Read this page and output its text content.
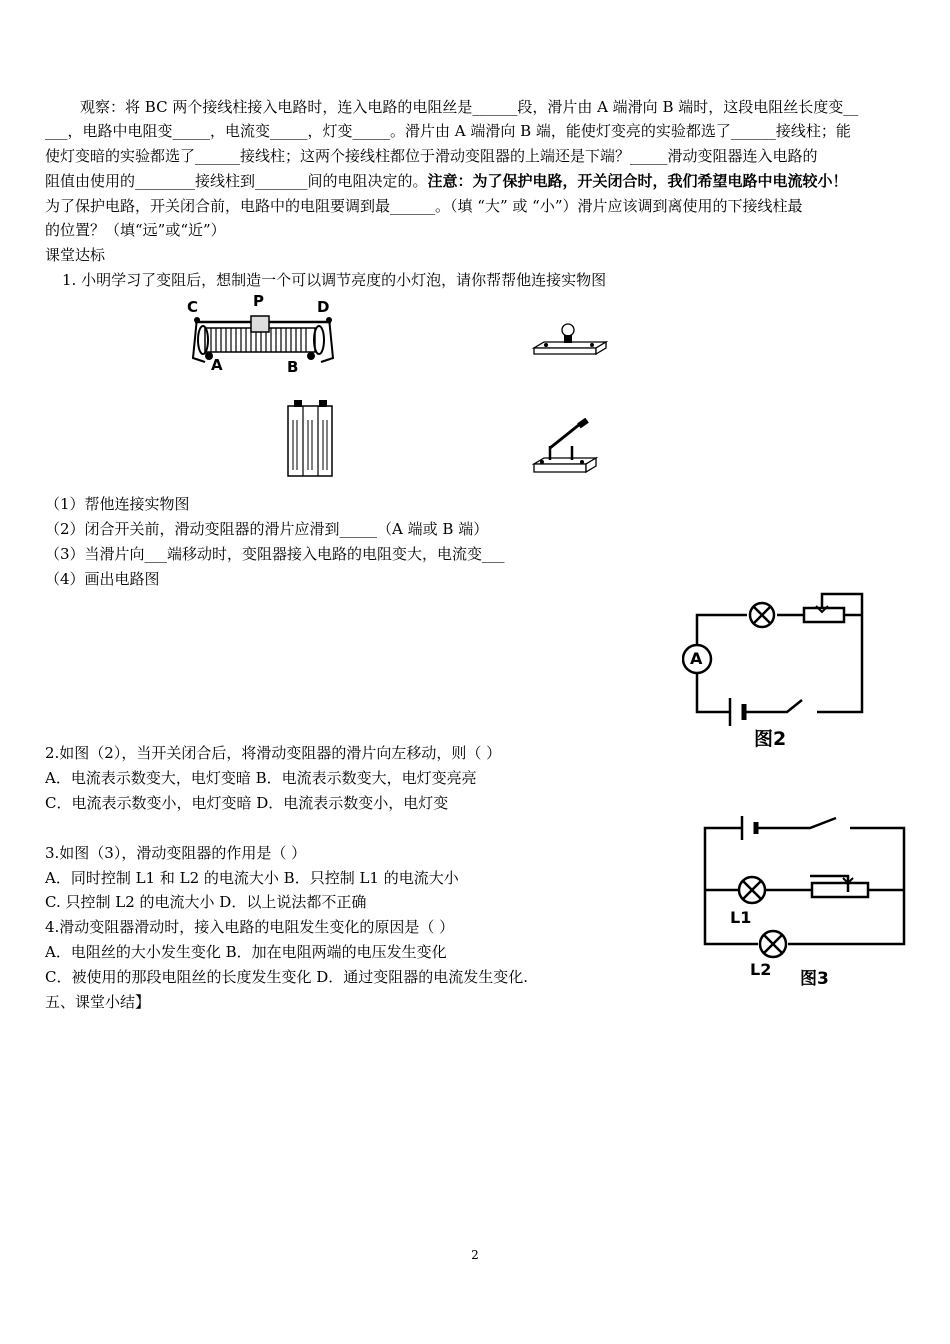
观察：将 BC 两个接线柱接入电路时，连入电路的电阻丝是______段，滑片由 A 端滑向 B 端时，这段电阻丝长度变__
___，电路中电阻变_____，电流变_____，灯变_____。滑片由 A 端滑向 B 端，能使灯变亮的实验都选了______接线柱；能
使灯变暗的实验都选了______接线柱；这两个接线柱都位于滑动变阻器的上端还是下端？_____滑动变阻器连入电路的
阻值由使用的________接线柱到_______间的电阻决定的。注意：为了保护电路，开关闭合时，我们希望电路中电流较小！
为了保护电路，开关闭合前，电路中的电阻要调到最______。（填 “大” 或 “小”）滑片应该调到离使用的下接线柱最
的位置？（填“远”或“近”）
课堂达标
1. 小明学习了变阻后，想制造一个可以调节亮度的小灯泡，请你帮帮他连接实物图
C	P	D
A	B
（1）帮他连接实物图
（2）闭合开关前，滑动变阻器的滑片应滑到_____（A 端或 B 端）
（3）当滑片向___端移动时，变阻器接入电路的电阻变大，电流变___
（4）画出电路图
A
图2
2.如图（2），当开关闭合后，将滑动变阻器的滑片向左移动，则（ ）
A．电流表示数变大，电灯变暗 B．电流表示数变大，电灯变亮亮
C．电流表示数变小，电灯变暗 D．电流表示数变小，电灯变
L1
L2 图3
3.如图（3），滑动变阻器的作用是（ ）
A．同时控制 L1 和 L2 的电流大小 B．只控制 L1 的电流大小
C. 只控制 L2 的电流大小 D．以上说法都不正确
4.滑动变阻器滑动时，接入电路的电阻发生变化的原因是（ ）
A．电阻丝的大小发生变化 B．加在电阻两端的电压发生变化
C．被使用的那段电阻丝的长度发生变化 D．通过变阻器的电流发生变化.
五、课堂小结】
2
